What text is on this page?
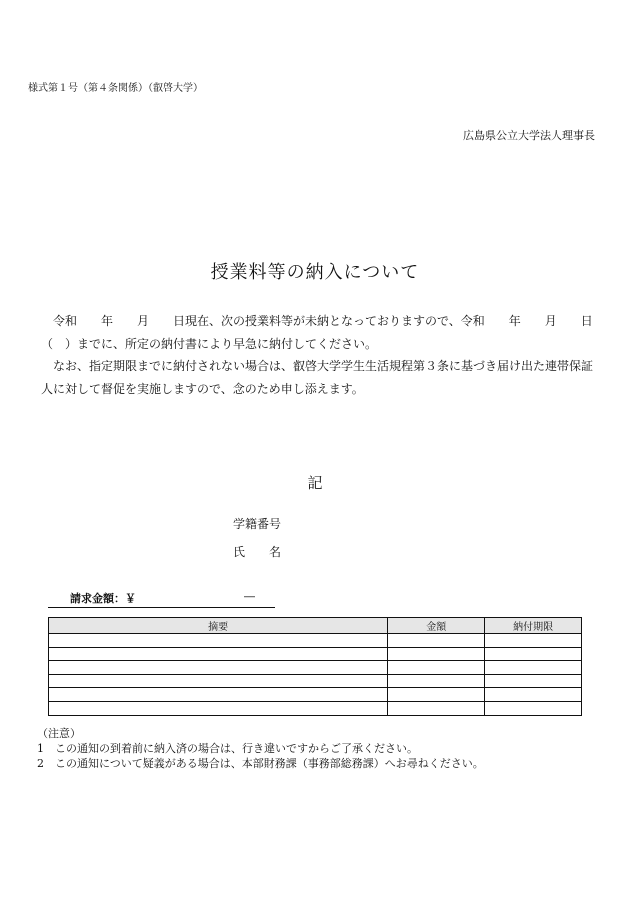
様式第１号（第４条関係）（叡啓大学）
広島県公立大学法人理事長
授業料等の納入について

令和　　年　　月　　日現在、次の授業料等が未納となっておりますので、令和　　年　　月　　日（　）までに、所定の納付書により早急に納付してください。

なお、指定期限までに納付されない場合は、叡啓大学学生生活規程第３条に基づき届け出た連帯保証人に対して督促を実施しますので、念のため申し添えます。

記
学籍番号
氏　　名
請求金額：￥	―
摘要	金額	納付期限

（注意）
1　この通知の到着前に納入済の場合は、行き違いですからご了承ください。
2　この通知について疑義がある場合は、本部財務課（事務部総務課）へお尋ねください。
